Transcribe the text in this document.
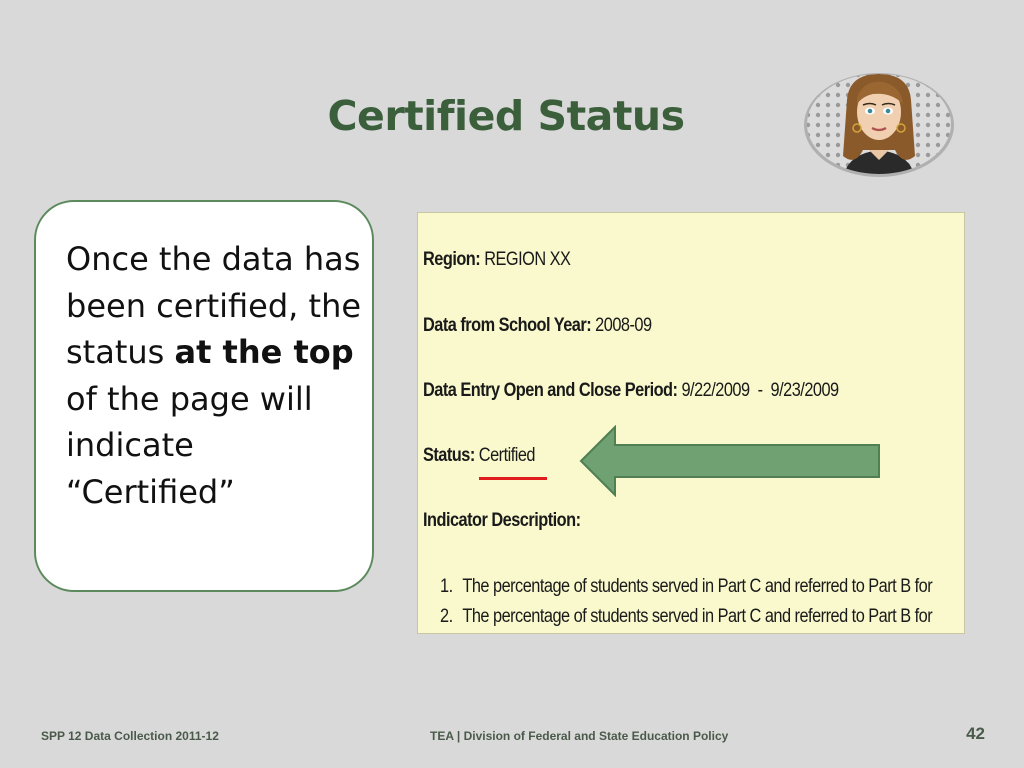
Certified Status
Once the data has been certified, the status at the top of the page will indicate “Certified”
Region: REGION XX
Data from School Year: 2008-09
Data Entry Open and Close Period: 9/22/2009  -  9/23/2009
Status: Certified
Indicator Description:
1. The percentage of students served in Part C and referred to Part B for
2. The percentage of students served in Part C and referred to Part B for
SPP 12 Data Collection 2011-12	TEA | Division of Federal and State Education Policy	42
